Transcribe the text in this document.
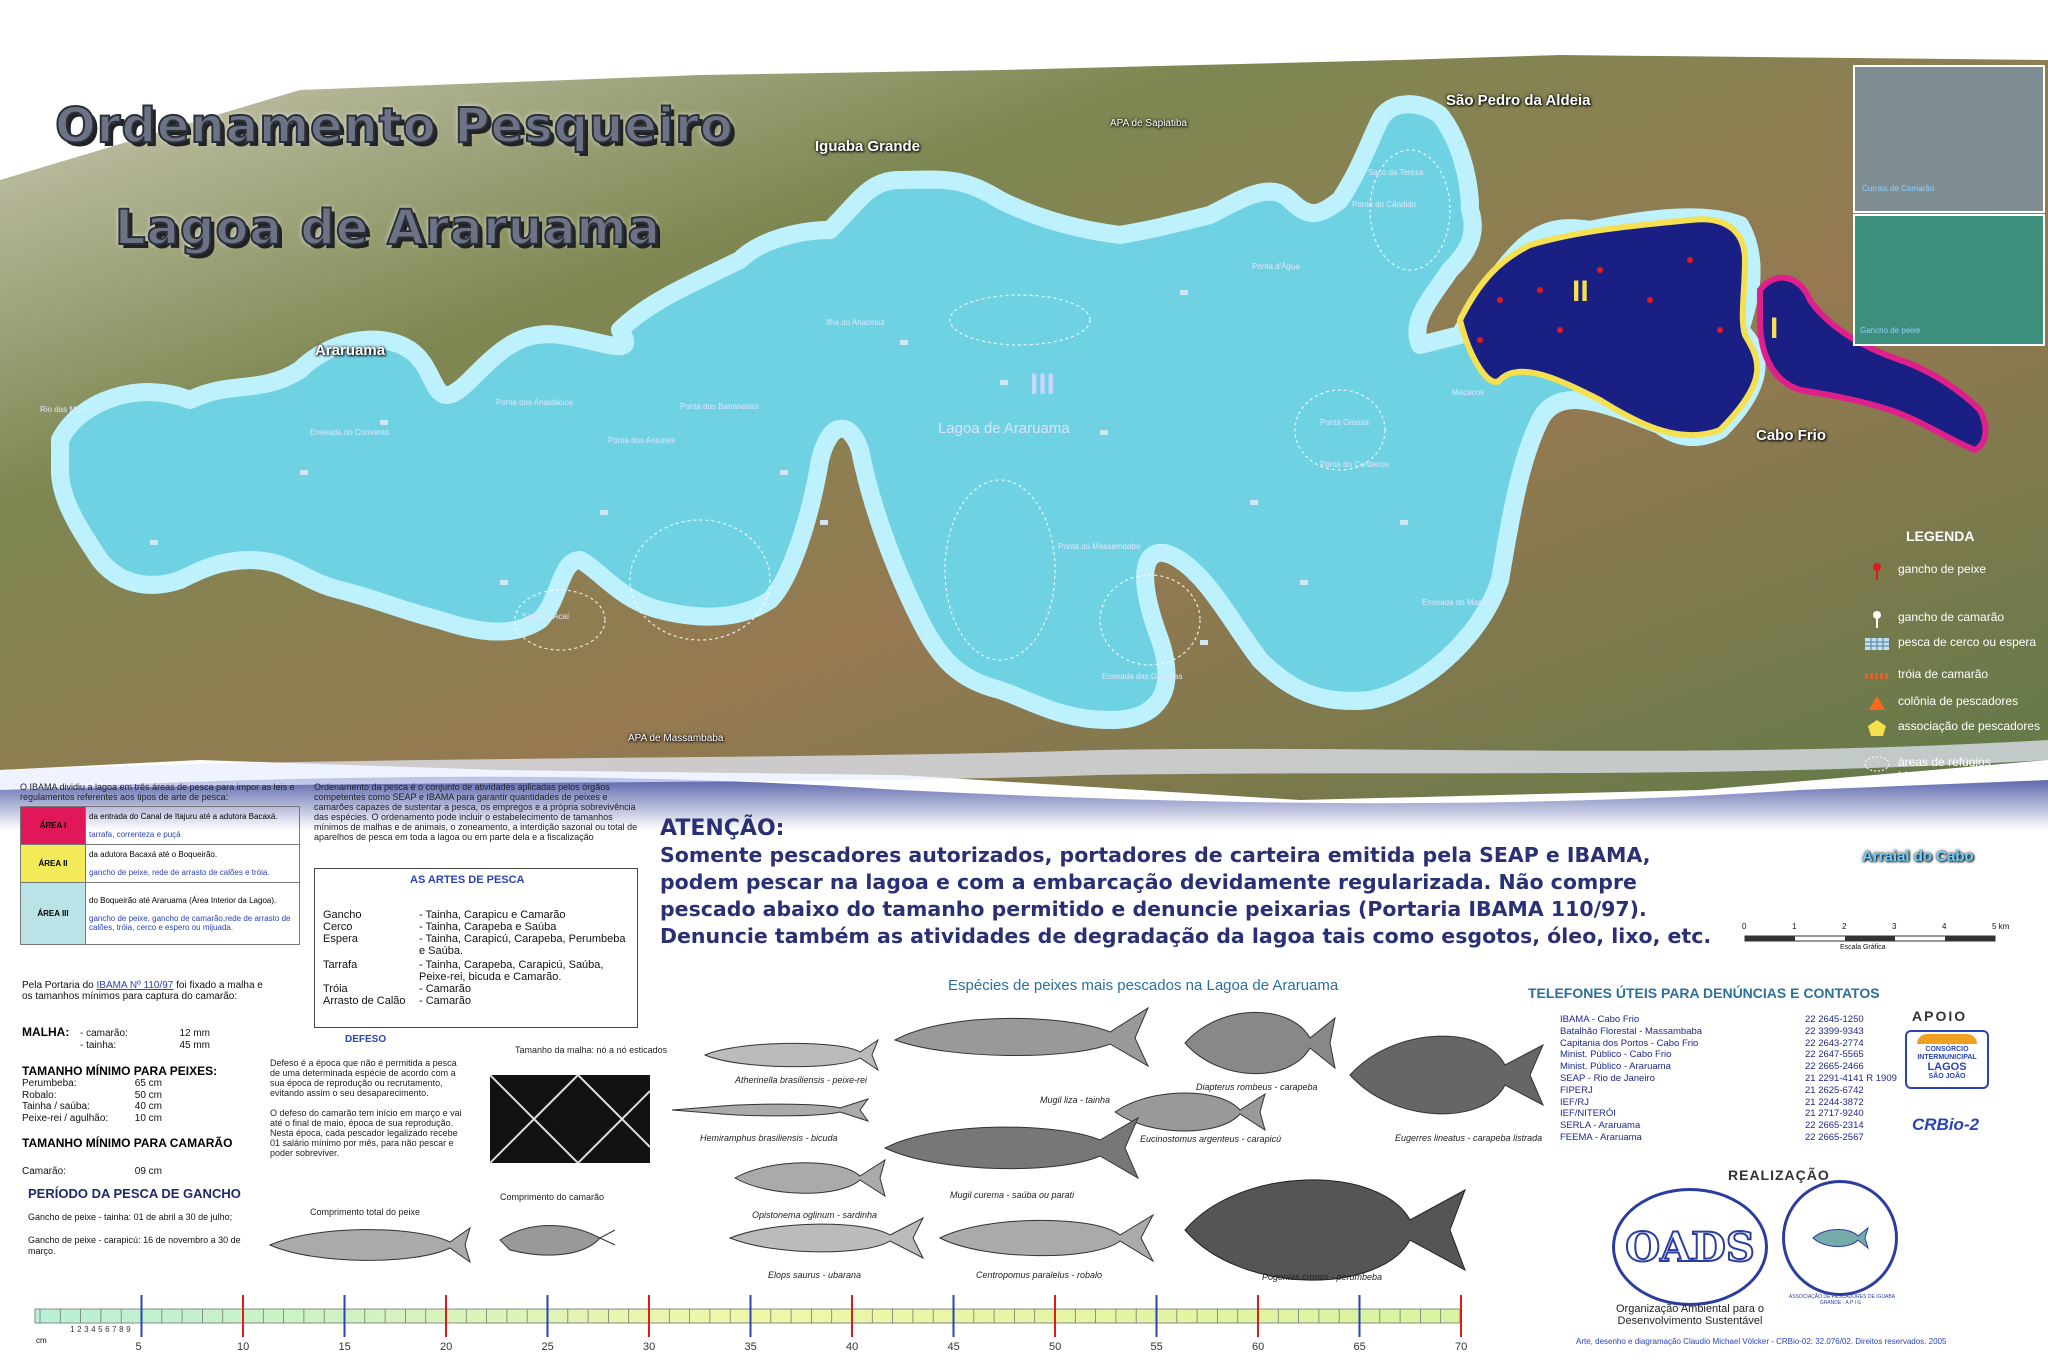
São Pedro da Aldeia
Iguaba Grande
Araruama
Cabo Frio
Arraial do Cabo
APA de Sapiatiba
APA de Massambaba
Lagoa de Araruama
I
II
III
Saco da Tereza
Ponta do Cândido
Ponta d'Água
Ilha do Anacoluz
Ponta dos Anastácios
Enseada do Convento
Ponta dos Bananeiras
Ponta dos Antunes
Ponta do Massambaba
Enseada do Martins
Ponta do Cordeiros
Ponta Grossa
Saco do Acaí
Enseada das Gaivotas
Rio das Moças
Macacos
Currais de Camarão
Gancho de peixe
Ordenamento Pesqueiro
Lagoa de Araruama
LEGENDA
gancho de peixe
gancho de camarão
pesca de cerco ou espera
tróia de camarão
colônia de pescadores
associação de pescadores
áreas de refúgios biológicos
O IBAMA dividiu a lagoa em três áreas de pesca para impor as leis e regulamentos referentes aos tipos de arte de pesca:
ÁREA I	da entrada do Canal de Itajuru até a adutora Bacaxá.

tarrafa, correnteza e puçá
ÁREA II	da adutora Bacaxá até o Boqueirão.

gancho de peixe, rede de arrasto de calões e tróia.
ÁREA III	do Boqueirão até Araruama (Área Interior da Lagoa).

gancho de peixe, gancho de camarão,rede de arrasto de calões, tróia, cerco e espero ou mijuada.
Ordenamento da pesca é o conjunto de atividades aplicadas pelos órgãos competentes como SEAP e IBAMA para garantir quantidades de peixes e camarões capazes de sustentar a pesca, os empregos e a própria sobrevivência das espécies. O ordenamento pode incluir o estabelecimento de tamanhos mínimos de malhas e de animais, o zoneamento, a interdição sazonal ou total de aparelhos de pesca em toda a lagoa ou em parte dela e a fiscalização
AS ARTES DE PESCA
Gancho	- Tainha, Carapicu e Camarão
Cerco	- Tainha, Carapeba e Saúba
Espera	- Tainha, Carapicú, Carapeba, Perumbeba e Saúba.
Tarrafa	- Tainha, Carapeba, Carapicú, Saúba, Peixe-rei, bicuda e Camarão.
Tróia	- Camarão
Arrasto de Calão	- Camarão
ATENÇÃO:
Somente pescadores autorizados, portadores de carteira emitida pela SEAP e IBAMA,
podem pescar na lagoa e com a embarcação devidamente regularizada. Não compre
pescado abaixo do tamanho permitido e denuncie peixarias (Portaria IBAMA 110/97).
Denuncie também as atividades de degradação da lagoa tais como esgotos, óleo, lixo, etc.	0	1	2	3	4	5 km
Escala Gráfica
Pela Portaria do IBAMA Nº 110/97 foi fixado a malha e os tamanhos mínimos para captura do camarão:
MALHA: - camarão:	12 mm
- tainha:	45 mm
TAMANHO MÍNIMO PARA PEIXES:
Perumbeba:	65 cm
Robalo:	50 cm
Tainha / saúba:	40 cm
Peixe-rei / agulhão:	10 cm
TAMANHO MÍNIMO PARA CAMARÃO
Camarão:	09 cm
PERÍODO DA PESCA DE GANCHO
Gancho de peixe - tainha: 01 de abril a 30 de julho;
Gancho de peixe - carapicú: 16 de novembro a 30 de março.
DEFESO
Defeso é a época que não é permitida a pesca de uma determinada espécie de acordo com a sua época de reprodução ou recrutamento, evitando assim o seu desaparecimento.
O defeso do camarão tem início em março e vai até o final de maio, época de sua reprodução. Nesta época, cada pescador legalizado recebe 01 salário mínimo por mês, para não pescar e poder sobreviver.
Tamanho da malha: nó a nó esticados
Comprimento do camarão
Comprimento total do peixe
Espécies de peixes mais pescados na Lagoa de Araruama
Atherinella brasiliensis - peixe-rei
Mugil liza - tainha
Diapterus rombeus - carapeba
Eugerres lineatus - carapeba listrada
Hemiramphus brasiliensis - bicuda	Eucinostomus argenteus - carapicú
Opistonema oglinum - sardinha
Mugil curema - saúba ou parati
Elops saurus - ubarana	Centropomus paralelus - robalo	Pogonias cromis - perumbeba
TELEFONES ÚTEIS PARA DENÚNCIAS E CONTATOS
IBAMA - Cabo Frio	22 2645-1250
Batalhão Florestal - Massambaba	22 3399-9343
Capitania dos Portos - Cabo Frio	22 2643-2774
Minist. Público - Cabo Frio	22 2647-5565
Minist. Público - Araruama	22 2665-2466
SEAP - Rio de Janeiro	21 2291-4141 R 1909
FIPERJ	21 2625-6742
IEF/RJ	21 2244-3872
IEF/NITERÓI	21 2717-9240
SERLA - Araruama	22 2665-2314
FEEMA - Araruama	22 2665-2567
APOIO
CONSÓRCIO
INTERMUNICIPAL
LAGOS
SÃO JOÃO
CRBio-2
REALIZAÇÃO
OADS
ASSOCIAÇÃO DE PESCADORES DE IGUABA GRANDE · A P I G ·
Organização Ambiental para o
Desenvolvimento Sustentável
Arte, desenho e diagramação Claudio Michael Völcker - CRBio-02: 32.076/02. Direitos reservados. 2005
cm
1 2 3 4 5 6 7 8 9
5	10	15	20	25	30	35	40	45	50	55	60	65	70
